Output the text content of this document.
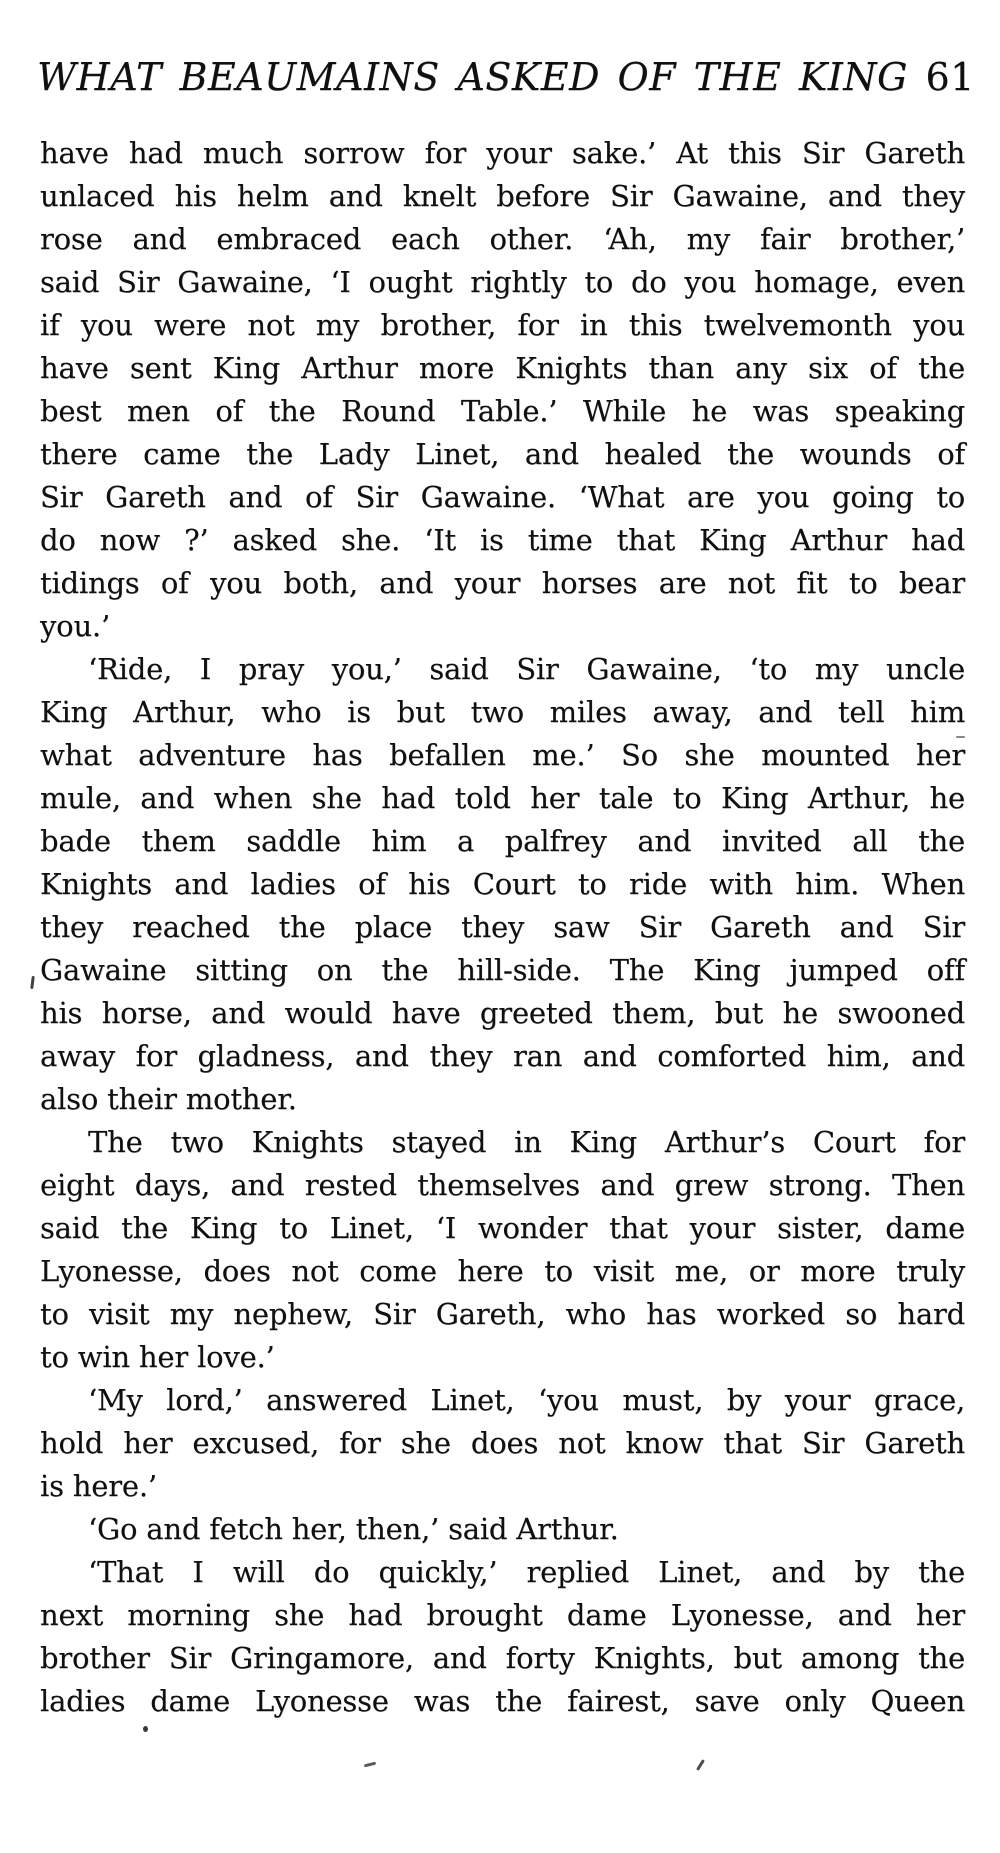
WHAT BEAUMAINS ASKED OF THE KING 61
have had much sorrow for your sake.’ At this Sir Gareth
unlaced his helm and knelt before Sir Gawaine, and they
rose and embraced each other. ‘Ah, my fair brother,’
said Sir Gawaine, ‘I ought rightly to do you homage, even
if you were not my brother, for in this twelvemonth you
have sent King Arthur more Knights than any six of the
best men of the Round Table.’ While he was speaking
there came the Lady Linet, and healed the wounds of
Sir Gareth and of Sir Gawaine. ‘What are you going to
do now ?’ asked she. ‘It is time that King Arthur had
tidings of you both, and your horses are not fit to bear
you.’
‘Ride, I pray you,’ said Sir Gawaine, ‘to my uncle
King Arthur, who is but two miles away, and tell him
what adventure has befallen me.’ So she mounted her
mule, and when she had told her tale to King Arthur, he
bade them saddle him a palfrey and invited all the
Knights and ladies of his Court to ride with him. When
they reached the place they saw Sir Gareth and Sir
Gawaine sitting on the hill-side. The King jumped off
his horse, and would have greeted them, but he swooned
away for gladness, and they ran and comforted him, and
also their mother.
The two Knights stayed in King Arthur’s Court for
eight days, and rested themselves and grew strong. Then
said the King to Linet, ‘I wonder that your sister, dame
Lyonesse, does not come here to visit me, or more truly
to visit my nephew, Sir Gareth, who has worked so hard
to win her love.’
‘My lord,’ answered Linet, ‘you must, by your grace,
hold her excused, for she does not know that Sir Gareth
is here.’
‘Go and fetch her, then,’ said Arthur.
‘That I will do quickly,’ replied Linet, and by the
next morning she had brought dame Lyonesse, and her
brother Sir Gringamore, and forty Knights, but among the
ladies dame Lyonesse was the fairest, save only Queen
